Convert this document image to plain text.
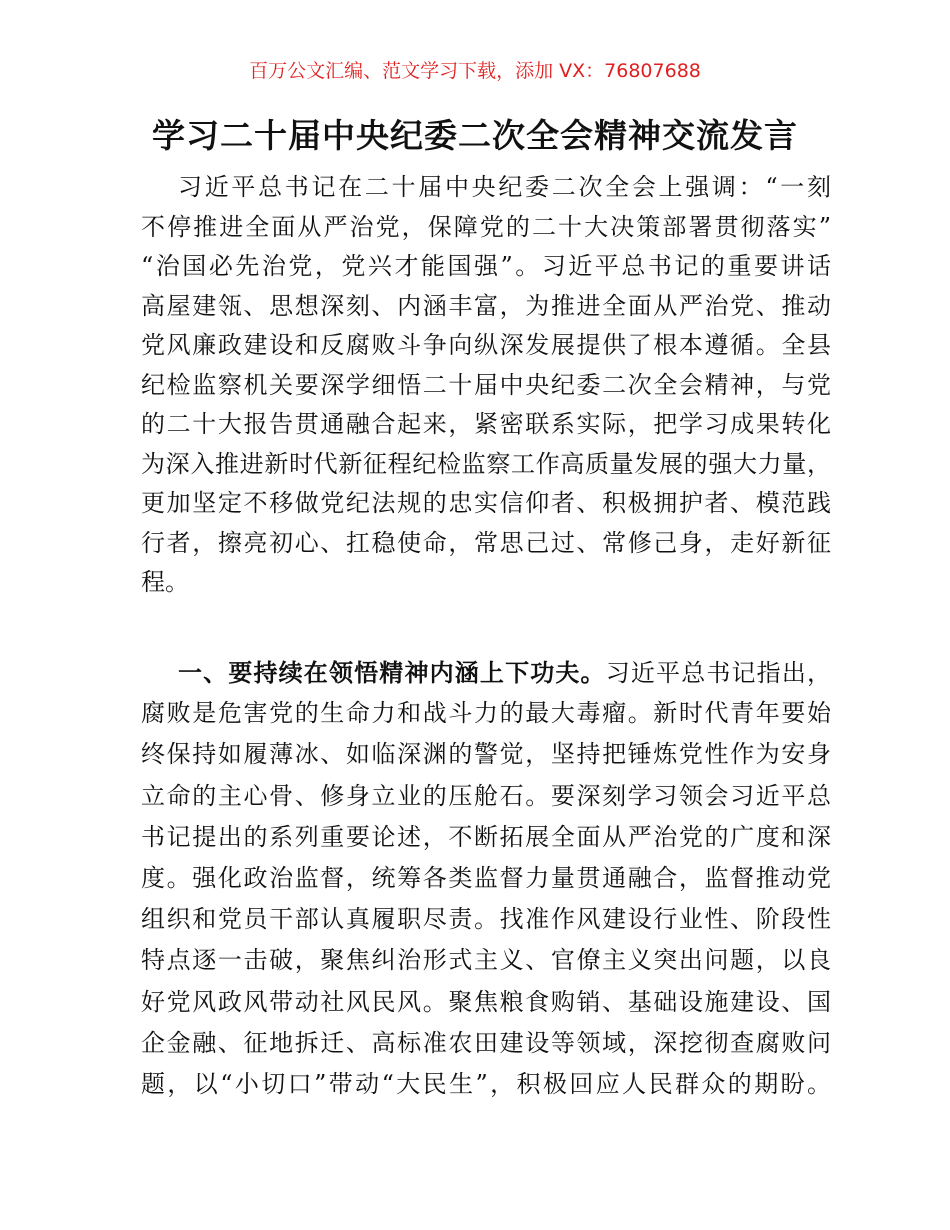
百万公文汇编、范文学习下载，添加 VX：76807688
学习二十届中央纪委二次全会精神交流发言
习近平总书记在二十届中央纪委二次全会上强调：“一刻
不停推进全面从严治党，保障党的二十大决策部署贯彻落实”
“治国必先治党，党兴才能国强”。习近平总书记的重要讲话
高屋建瓴、思想深刻、内涵丰富，为推进全面从严治党、推动
党风廉政建设和反腐败斗争向纵深发展提供了根本遵循。全县
纪检监察机关要深学细悟二十届中央纪委二次全会精神，与党
的二十大报告贯通融合起来，紧密联系实际，把学习成果转化
为深入推进新时代新征程纪检监察工作高质量发展的强大力量，
更加坚定不移做党纪法规的忠实信仰者、积极拥护者、模范践
行者，擦亮初心、扛稳使命，常思己过、常修己身，走好新征
程。
一、要持续在领悟精神内涵上下功夫。习近平总书记指出，
腐败是危害党的生命力和战斗力的最大毒瘤。新时代青年要始
终保持如履薄冰、如临深渊的警觉，坚持把锤炼党性作为安身
立命的主心骨、修身立业的压舱石。要深刻学习领会习近平总
书记提出的系列重要论述，不断拓展全面从严治党的广度和深
度。强化政治监督，统筹各类监督力量贯通融合，监督推动党
组织和党员干部认真履职尽责。找准作风建设行业性、阶段性
特点逐一击破，聚焦纠治形式主义、官僚主义突出问题，以良
好党风政风带动社风民风。聚焦粮食购销、基础设施建设、国
企金融、征地拆迁、高标准农田建设等领域，深挖彻查腐败问
题，以“小切口”带动“大民生”，积极回应人民群众的期盼。
